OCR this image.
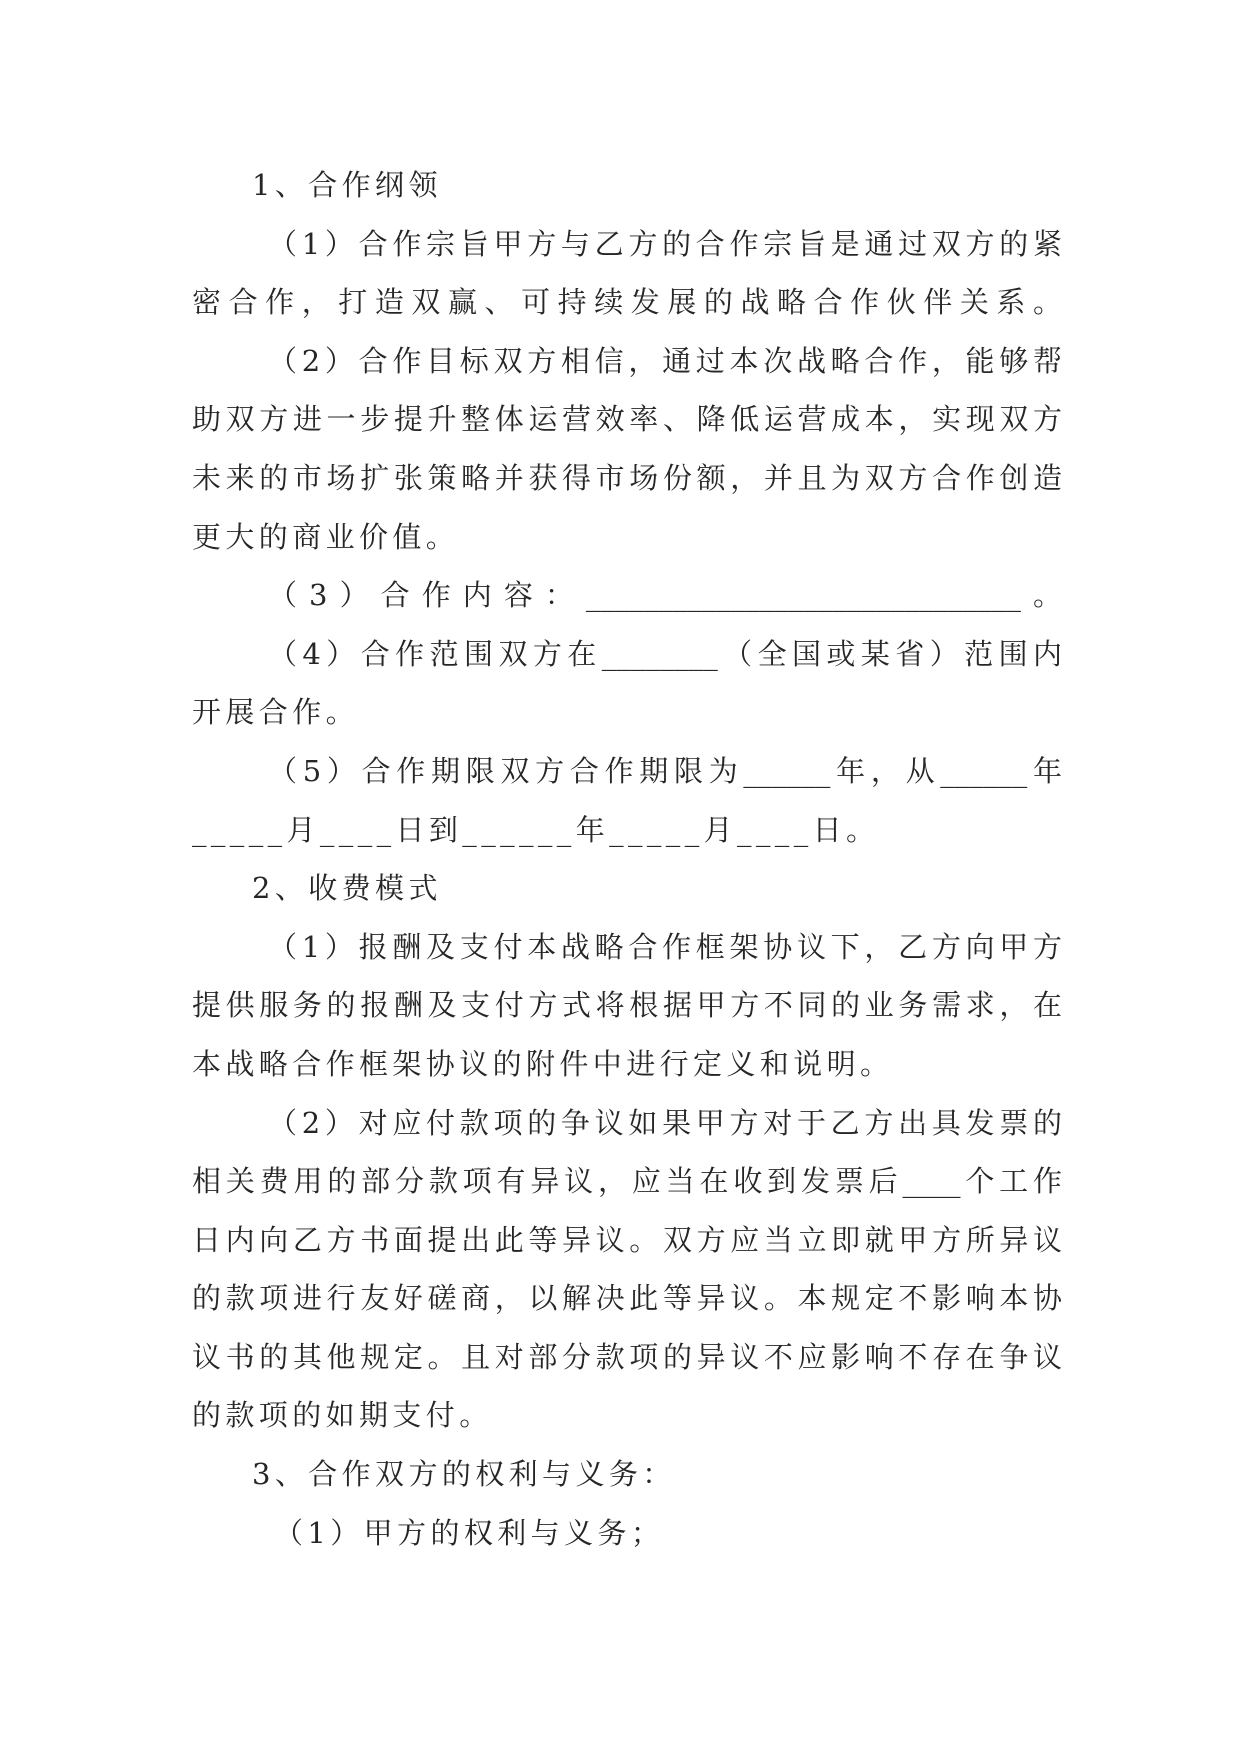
1、合作纲领
（1）合作宗旨甲方与乙方的合作宗旨是通过双方的紧
密合作，打造双赢、可持续发展的战略合作伙伴关系。
（2）合作目标双方相信，通过本次战略合作，能够帮
助双方进一步提升整体运营效率、降低运营成本，实现双方
未来的市场扩张策略并获得市场份额，并且为双方合作创造
更大的商业价值。
（3）合作内容：______________________________。
（4）合作范围双方在________（全国或某省）范围内
开展合作。
（5）合作期限双方合作期限为______年，从______年
_____月____日到______年_____月____日。
2、收费模式
（1）报酬及支付本战略合作框架协议下，乙方向甲方
提供服务的报酬及支付方式将根据甲方不同的业务需求，在
本战略合作框架协议的附件中进行定义和说明。
（2）对应付款项的争议如果甲方对于乙方出具发票的
相关费用的部分款项有异议，应当在收到发票后____个工作
日内向乙方书面提出此等异议。双方应当立即就甲方所异议
的款项进行友好磋商，以解决此等异议。本规定不影响本协
议书的其他规定。且对部分款项的异议不应影响不存在争议
的款项的如期支付。
3、合作双方的权利与义务：
（1）甲方的权利与义务；
